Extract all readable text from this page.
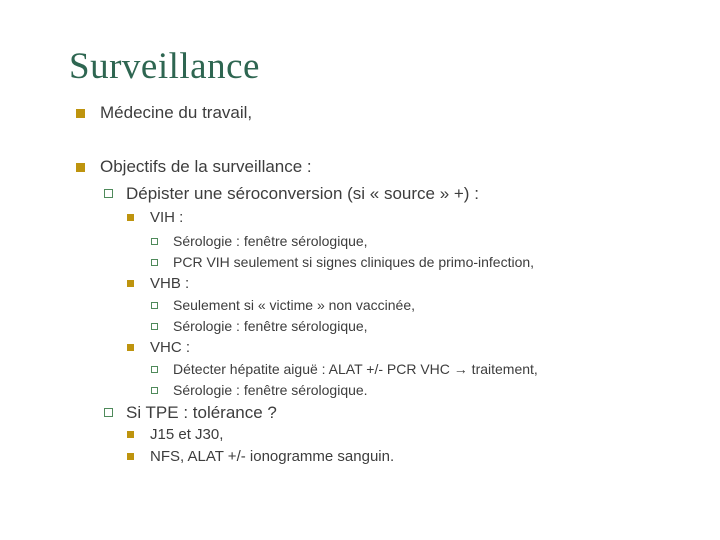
Surveillance
Médecine du travail,
Objectifs de la surveillance :
Dépister une séroconversion (si « source » +) :
VIH :
Sérologie : fenêtre sérologique,
PCR VIH seulement si signes cliniques de primo-infection,
VHB :
Seulement si « victime » non vaccinée,
Sérologie : fenêtre sérologique,
VHC :
Détecter hépatite aiguë : ALAT +/- PCR VHC → traitement,
Sérologie : fenêtre sérologique.
Si TPE : tolérance ?
J15 et J30,
NFS, ALAT +/- ionogramme sanguin.
